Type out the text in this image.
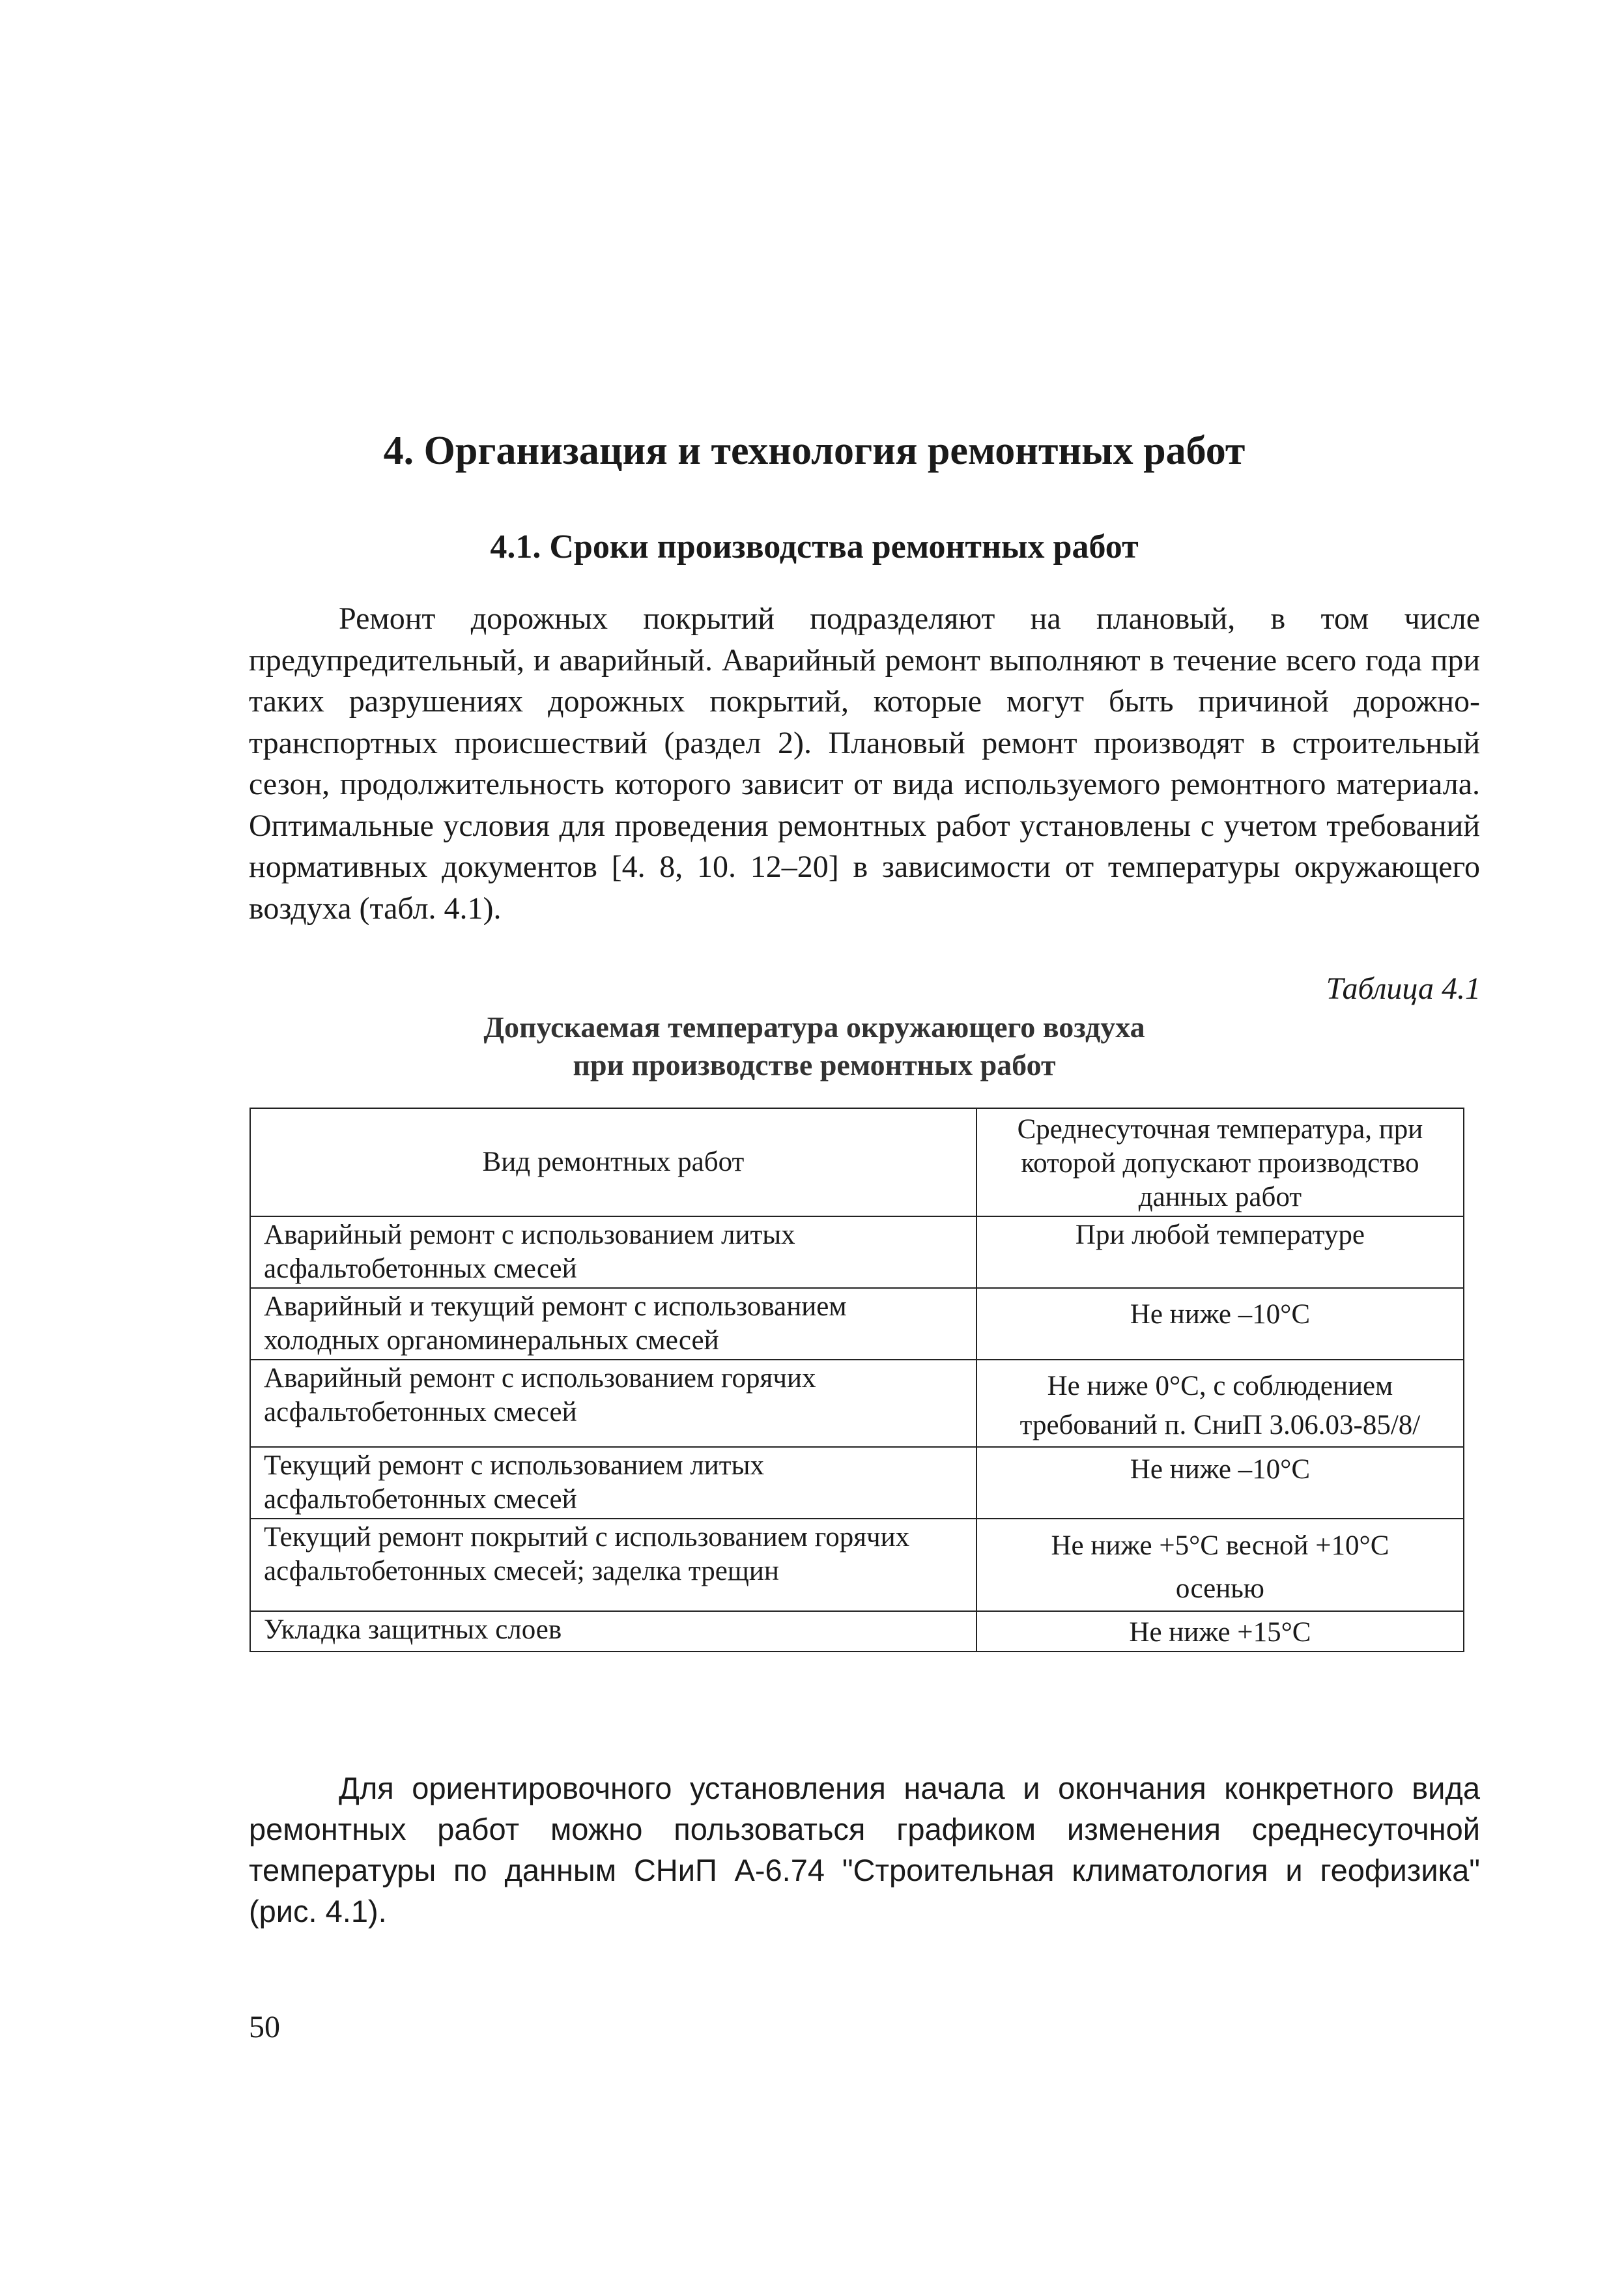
4. Организация и технология ремонтных работ
4.1. Сроки производства ремонтных работ

Ремонт дорожных покрытий подразделяют на плановый, в том числе предупредительный, и аварийный. Аварийный ремонт выполняют в течение всего года при таких разрушениях дорожных покрытий, которые могут быть причиной дорожно-транспортных происшествий (раздел 2). Плановый ремонт производят в строительный сезон, продолжительность которого зависит от вида используемого ремонтного материала. Оптимальные условия для проведения ремонтных работ установлены с учетом требований нормативных документов [4. 8, 10. 12–20] в зависимости от температуры окружающего воздуха (табл. 4.1).

Таблица 4.1
Допускаемая температура окружающего воздуха
при производстве ремонтных работ
Вид ремонтных работ	Среднесуточная температура, при которой допускают производство данных работ
Аварийный ремонт с использованием литых асфальтобетонных смесей	При любой температуре
Аварийный и текущий ремонт с использованием холодных органоминеральных смесей	Не ниже –10°С
Аварийный ремонт с использованием горячих асфальтобетонных смесей	Не ниже 0°С, с соблюдением требований п. СниП 3.06.03-85/8/
Текущий ремонт с использованием литых асфальтобетонных смесей	Не ниже –10°С
Текущий ремонт покрытий с использованием горячих асфальтобетонных смесей; заделка трещин	Не ниже +5°С весной +10°С осенью
Укладка защитных слоев	Не ниже +15°С

Для ориентировочного установления начала и окончания конкретного вида ремонтных работ можно пользоваться графиком изменения среднесуточной температуры по данным СНиП А-6.74 "Строительная климатология и геофизика" (рис. 4.1).

50
